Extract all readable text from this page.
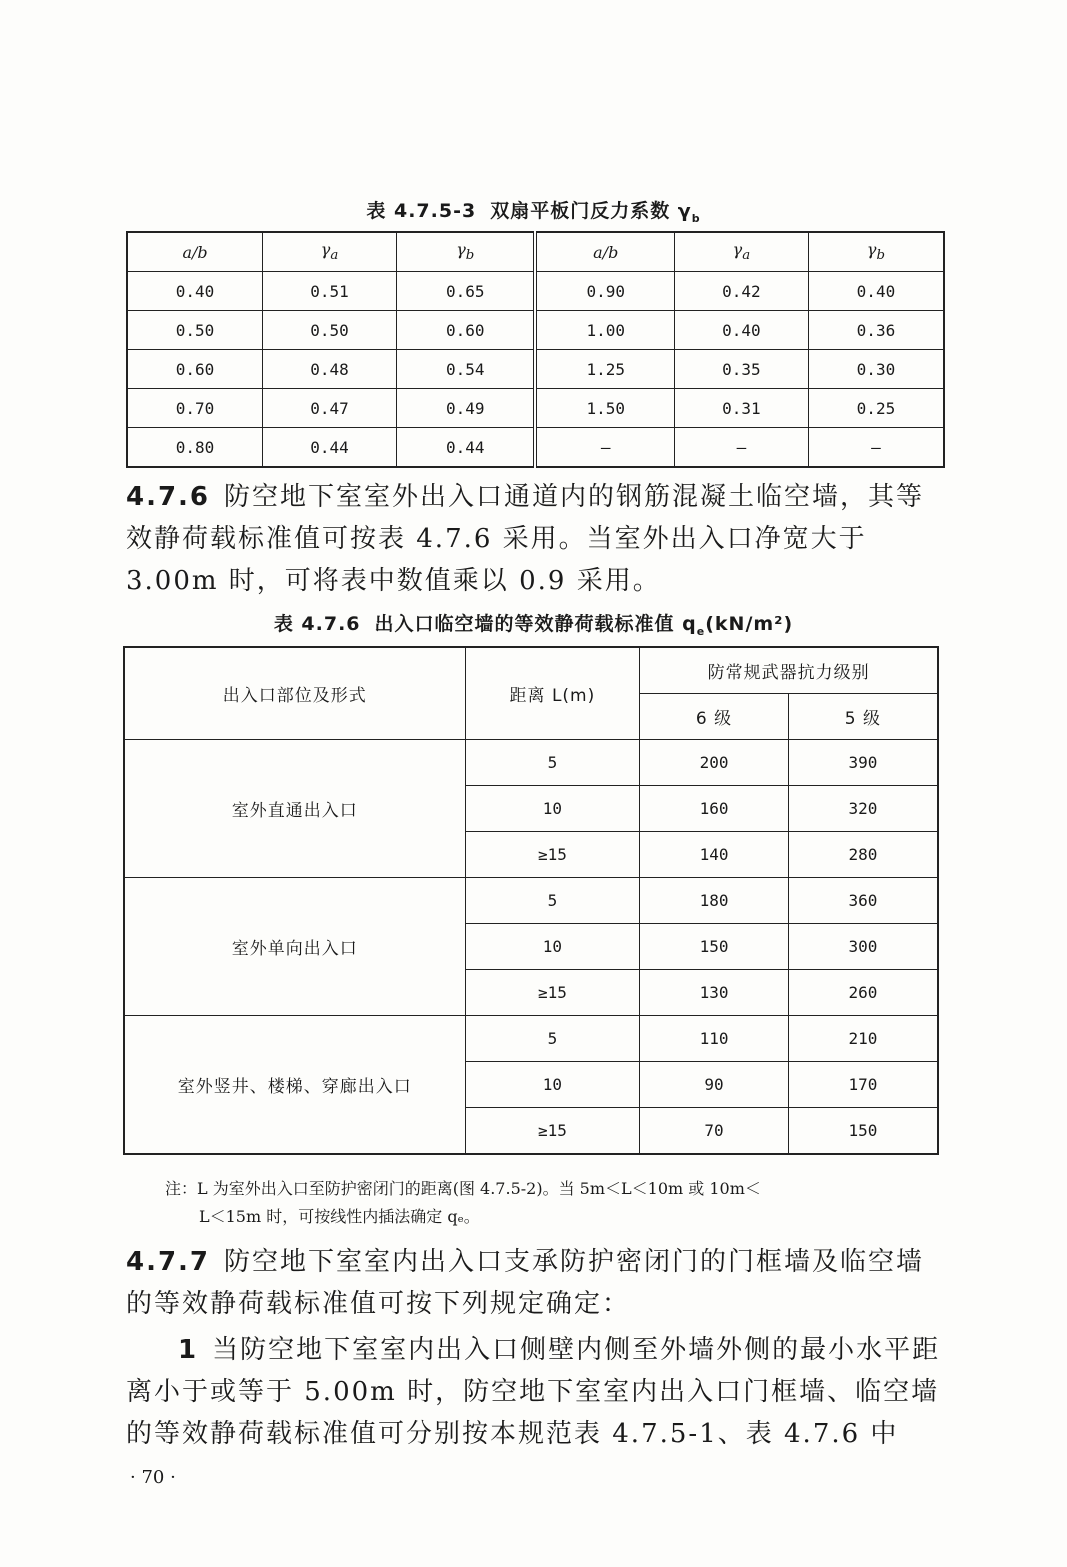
表 4.7.5-3 双扇平板门反力系数 $\gamma_b$
a/b	$\gamma_a$	$\gamma_b$	a/b	$\gamma_a$	$\gamma_b$
0.40	0.51	0.65	0.90	0.42	0.40
0.50	0.50	0.60	1.00	0.40	0.36
0.60	0.48	0.54	1.25	0.35	0.30
0.70	0.47	0.49	1.50	0.31	0.25
0.80	0.44	0.44	—	—	—
4.7.6 防空地下室室外出入口通道内的钢筋混凝土临空墙，其等效静荷载标准值可按表 4.7.6 采用。当室外出入口净宽大于 3.00m 时，可将表中数值乘以 0.9 采用。
表 4.7.6 出入口临空墙的等效静荷载标准值 $q_e(kN/m^2)$
出入口部位及形式	距离 L(m)	防常规武器抗力级别	
		6 级	5 级
室外直通出入口	5	200	390
	10	160	320
	≥15	140	280
室外单向出入口	5	180	360
	10	150	300
	≥15	130	260
室外竖井、楼梯、穿廊出入口	5	110	210
	10	90	170
	≥15	70	150
注：L 为室外出入口至防护密闭门的距离(图 4.7.5-2)。当 5m＜L＜10m 或 10m＜
L＜15m 时，可按线性内插法确定 qₑ。
4.7.7 防空地下室室内出入口支承防护密闭门的门框墙及临空墙的等效静荷载标准值可按下列规定确定：
1 当防空地下室室内出入口侧壁内侧至外墙外侧的最小水平距离小于或等于 5.00m 时，防空地下室室内出入口门框墙、临空墙的等效静荷载标准值可分别按本规范表 4.7.5-1、表 4.7.6 中
· 70 ·
